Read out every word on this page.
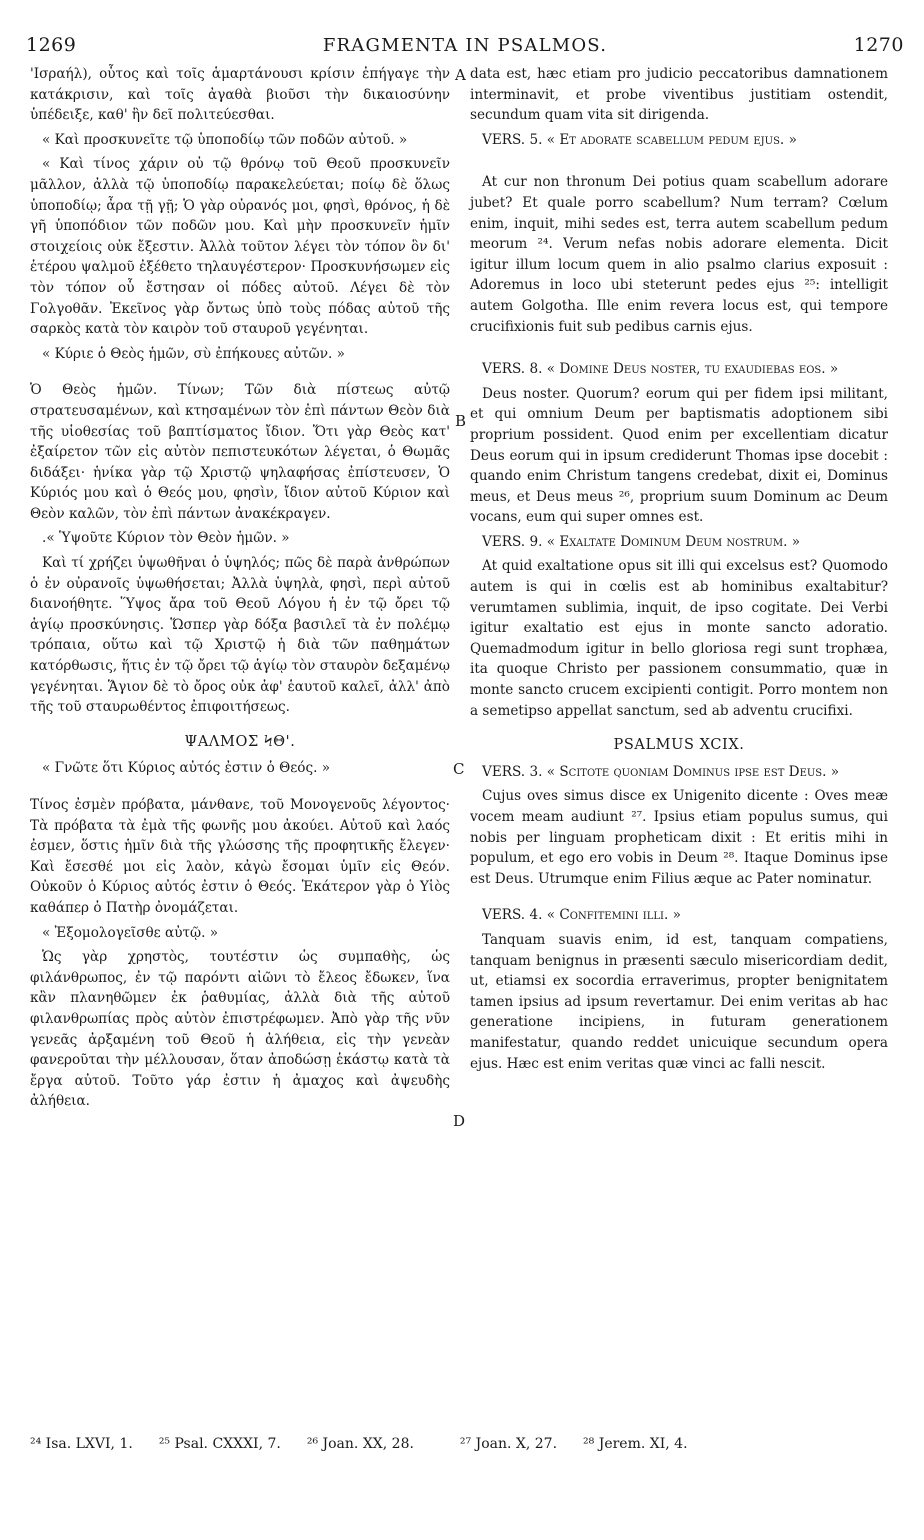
1269	FRAGMENTA IN PSALMOS.	1270
A
B
C
D

'Ισραήλ), οὗτος καὶ τοῖς ἁμαρτάνουσι κρίσιν ἐπήγαγε τὴν κατάκρισιν, καὶ τοῖς ἀγαθὰ βιοῦσι τὴν δικαιοσύνην ὑπέδειξε, καθ' ἣν δεῖ πολιτεύεσθαι.

« Καὶ προσκυνεῖτε τῷ ὑποποδίῳ τῶν ποδῶν αὐτοῦ. »

« Καὶ τίνος χάριν οὐ τῷ θρόνῳ τοῦ Θεοῦ προσκυνεῖν μᾶλλον, ἀλλὰ τῷ ὑποποδίῳ παρακελεύεται; ποίῳ δὲ ὅλως ὑποποδίῳ; ἆρα τῇ γῇ; Ὁ γὰρ οὐρανός μοι, φησὶ, θρόνος, ἡ δὲ γῆ ὑποπόδιον τῶν ποδῶν μου. Καὶ μὴν προσκυνεῖν ἡμῖν στοιχείοις οὐκ ἔξεστιν. Ἀλλὰ τοῦτον λέγει τὸν τόπον ὃν δι' ἑτέρου ψαλμοῦ ἐξέθετο τηλαυγέστερον· Προσκυνήσωμεν εἰς τὸν τόπον οὗ ἔστησαν οἱ πόδες αὐτοῦ. Λέγει δὲ τὸν Γολγοθᾶν. Ἐκεῖνος γὰρ ὄντως ὑπὸ τοὺς πόδας αὐτοῦ τῆς σαρκὸς κατὰ τὸν καιρὸν τοῦ σταυροῦ γεγένηται.

« Κύριε ὁ Θεὸς ἡμῶν, σὺ ἐπήκουες αὐτῶν. »

Ὁ Θεὸς ἡμῶν. Τίνων; Τῶν διὰ πίστεως αὐτῷ στρατευσαμένων, καὶ κτησαμένων τὸν ἐπὶ πάντων Θεὸν διὰ τῆς υἱοθεσίας τοῦ βαπτίσματος ἴδιον. Ὅτι γὰρ Θεὸς κατ' ἐξαίρετον τῶν εἰς αὐτὸν πεπιστευκότων λέγεται, ὁ Θωμᾶς διδάξει· ἡνίκα γὰρ τῷ Χριστῷ ψηλαφήσας ἐπίστευσεν, Ὁ Κύριός μου καὶ ὁ Θεός μου, φησὶν, ἴδιον αὐτοῦ Κύριον καὶ Θεὸν καλῶν, τὸν ἐπὶ πάντων ἀνακέκραγεν.

.« Ὑψοῦτε Κύριον τὸν Θεὸν ἡμῶν. »

Καὶ τί χρήζει ὑψωθῆναι ὁ ὑψηλός; πῶς δὲ παρὰ ἀνθρώπων ὁ ἐν οὐρανοῖς ὑψωθήσεται; Ἀλλὰ ὑψηλὰ, φησὶ, περὶ αὐτοῦ διανοήθητε. Ὕψος ἄρα τοῦ Θεοῦ Λόγου ἡ ἐν τῷ ὄρει τῷ ἁγίῳ προσκύνησις. Ὥσπερ γὰρ δόξα βασιλεῖ τὰ ἐν πολέμῳ τρόπαια, οὕτω καὶ τῷ Χριστῷ ἡ διὰ τῶν παθημάτων κατόρθωσις, ἥτις ἐν τῷ ὄρει τῷ ἁγίῳ τὸν σταυρὸν δεξαμένῳ γεγένηται. Ἅγιον δὲ τὸ ὄρος οὐκ ἀφ' ἑαυτοῦ καλεῖ, ἀλλ' ἀπὸ τῆς τοῦ σταυρωθέντος ἐπιφοιτήσεως.

ΨΑΛΜΟΣ ϞΘ'.

« Γνῶτε ὅτι Κύριος αὐτός ἐστιν ὁ Θεός. »

Τίνος ἐσμὲν πρόβατα, μάνθανε, τοῦ Μονογενοῦς λέγοντος· Τὰ πρόβατα τὰ ἐμὰ τῆς φωνῆς μου ἀκούει. Αὐτοῦ καὶ λαός ἐσμεν, ὅστις ἡμῖν διὰ τῆς γλώσσης τῆς προφητικῆς ἔλεγεν· Καὶ ἔσεσθέ μοι εἰς λαὸν, κἀγὼ ἔσομαι ὑμῖν εἰς Θεόν. Οὐκοῦν ὁ Κύριος αὐτός ἐστιν ὁ Θεός. Ἑκάτερον γὰρ ὁ Υἱὸς καθάπερ ὁ Πατὴρ ὀνομάζεται.

« Ἐξομολογεῖσθε αὐτῷ. »

Ὡς γὰρ χρηστὸς, τουτέστιν ὡς συμπαθὴς, ὡς φιλάνθρωπος, ἐν τῷ παρόντι αἰῶνι τὸ ἔλεος ἔδωκεν, ἵνα κἂν πλανηθῶμεν ἐκ ῥαθυμίας, ἀλλὰ διὰ τῆς αὐτοῦ φιλανθρωπίας πρὸς αὐτὸν ἐπιστρέφωμεν. Ἀπὸ γὰρ τῆς νῦν γενεᾶς ἀρξαμένη τοῦ Θεοῦ ἡ ἀλήθεια, εἰς τὴν γενεὰν φανεροῦται τὴν μέλλουσαν, ὅταν ἀποδώσῃ ἑκάστῳ κατὰ τὰ ἔργα αὐτοῦ. Τοῦτο γάρ ἐστιν ἡ ἀμαχος καὶ ἀψευδὴς ἀλήθεια.

data est, hæc etiam pro judicio peccatoribus damnationem interminavit, et probe viventibus justitiam ostendit, secundum quam vita sit dirigenda.

VERS. 5. « Et adorate scabellum pedum ejus. »

At cur non thronum Dei potius quam scabellum adorare jubet? Et quale porro scabellum? Num terram? Cœlum enim, inquit, mihi sedes est, terra autem scabellum pedum meorum ²⁴. Verum nefas nobis adorare elementa. Dicit igitur illum locum quem in alio psalmo clarius exposuit : Adoremus in loco ubi steterunt pedes ejus ²⁵: intelligit autem Golgotha. Ille enim revera locus est, qui tempore crucifixionis fuit sub pedibus carnis ejus.

VERS. 8. « Domine Deus noster, tu exaudiebas eos. »

Deus noster. Quorum? eorum qui per fidem ipsi militant, et qui omnium Deum per baptismatis adoptionem sibi proprium possident. Quod enim per excellentiam dicatur Deus eorum qui in ipsum crediderunt Thomas ipse docebit : quando enim Christum tangens credebat, dixit ei, Dominus meus, et Deus meus ²⁶, proprium suum Dominum ac Deum vocans, eum qui super omnes est.

VERS. 9. « Exaltate Dominum Deum nostrum. »

At quid exaltatione opus sit illi qui excelsus est? Quomodo autem is qui in cœlis est ab hominibus exaltabitur? verumtamen sublimia, inquit, de ipso cogitate. Dei Verbi igitur exaltatio est ejus in monte sancto adoratio. Quemadmodum igitur in bello gloriosa regi sunt trophæa, ita quoque Christo per passionem consummatio, quæ in monte sancto crucem excipienti contigit. Porro montem non a semetipso appellat sanctum, sed ab adventu crucifixi.

PSALMUS XCIX.

VERS. 3. « Scitote quoniam Dominus ipse est Deus. »

Cujus oves simus disce ex Unigenito dicente : Oves meæ vocem meam audiunt ²⁷. Ipsius etiam populus sumus, qui nobis per linguam propheticam dixit : Et eritis mihi in populum, et ego ero vobis in Deum ²⁸. Itaque Dominus ipse est Deus. Utrumque enim Filius æque ac Pater nominatur.

VERS. 4. « Confitemini illi. »

Tanquam suavis enim, id est, tanquam compatiens, tanquam benignus in præsenti sæculo misericordiam dedit, ut, etiamsi ex socordia erraverimus, propter benignitatem tamen ipsius ad ipsum revertamur. Dei enim veritas ab hac generatione incipiens, in futuram generationem manifestatur, quando reddet unicuique secundum opera ejus. Hæc est enim veritas quæ vinci ac falli nescit.

²⁴ Isa. LXVI, 1. ²⁵ Psal. CXXXI, 7. ²⁶ Joan. XX, 28.	²⁷ Joan. X, 27. ²⁸ Jerem. XI, 4.
